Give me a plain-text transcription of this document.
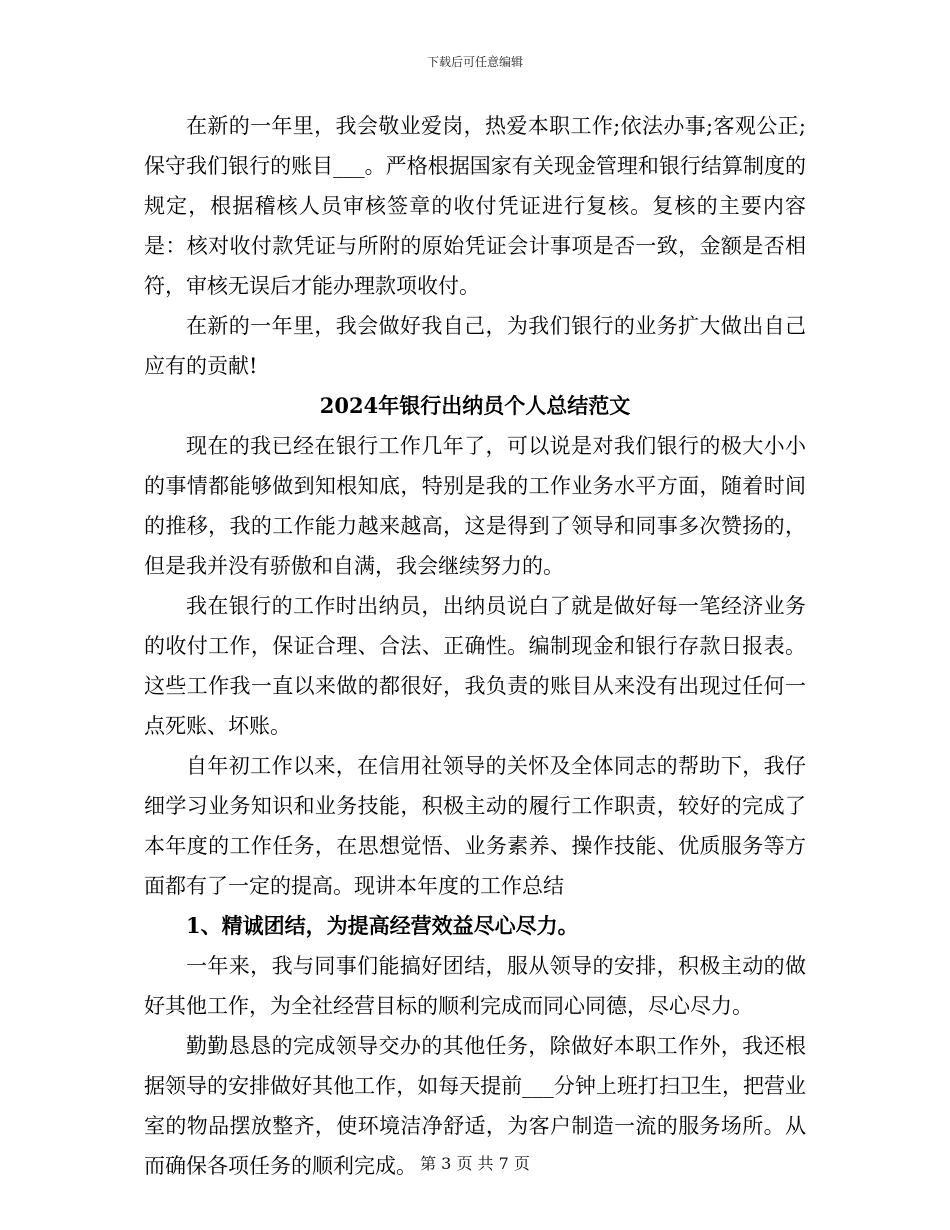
下载后可任意编辑

在新的一年里，我会敬业爱岗，热爱本职工作;依法办事;客观公正;保守我们银行的账目___。严格根据国家有关现金管理和银行结算制度的规定，根据稽核人员审核签章的收付凭证进行复核。复核的主要内容是：核对收付款凭证与所附的原始凭证会计事项是否一致，金额是否相符，审核无误后才能办理款项收付。

在新的一年里，我会做好我自己，为我们银行的业务扩大做出自己应有的贡献!

2024年银行出纳员个人总结范文

现在的我已经在银行工作几年了，可以说是对我们银行的极大小小的事情都能够做到知根知底，特别是我的工作业务水平方面，随着时间的推移，我的工作能力越来越高，这是得到了领导和同事多次赞扬的，但是我并没有骄傲和自满，我会继续努力的。

我在银行的工作时出纳员，出纳员说白了就是做好每一笔经济业务的收付工作，保证合理、合法、正确性。编制现金和银行存款日报表。这些工作我一直以来做的都很好，我负责的账目从来没有出现过任何一点死账、坏账。

自年初工作以来，在信用社领导的关怀及全体同志的帮助下，我仔细学习业务知识和业务技能，积极主动的履行工作职责，较好的完成了本年度的工作任务，在思想觉悟、业务素养、操作技能、优质服务等方面都有了一定的提高。现讲本年度的工作总结

1、精诚团结，为提高经营效益尽心尽力。

一年来，我与同事们能搞好团结，服从领导的安排，积极主动的做好其他工作，为全社经营目标的顺利完成而同心同德，尽心尽力。

勤勤恳恳的完成领导交办的其他任务，除做好本职工作外，我还根据领导的安排做好其他工作，如每天提前___分钟上班打扫卫生，把营业室的物品摆放整齐，使环境洁净舒适，为客户制造一流的服务场所。从而确保各项任务的顺利完成。 第 3 页 共 7 页
